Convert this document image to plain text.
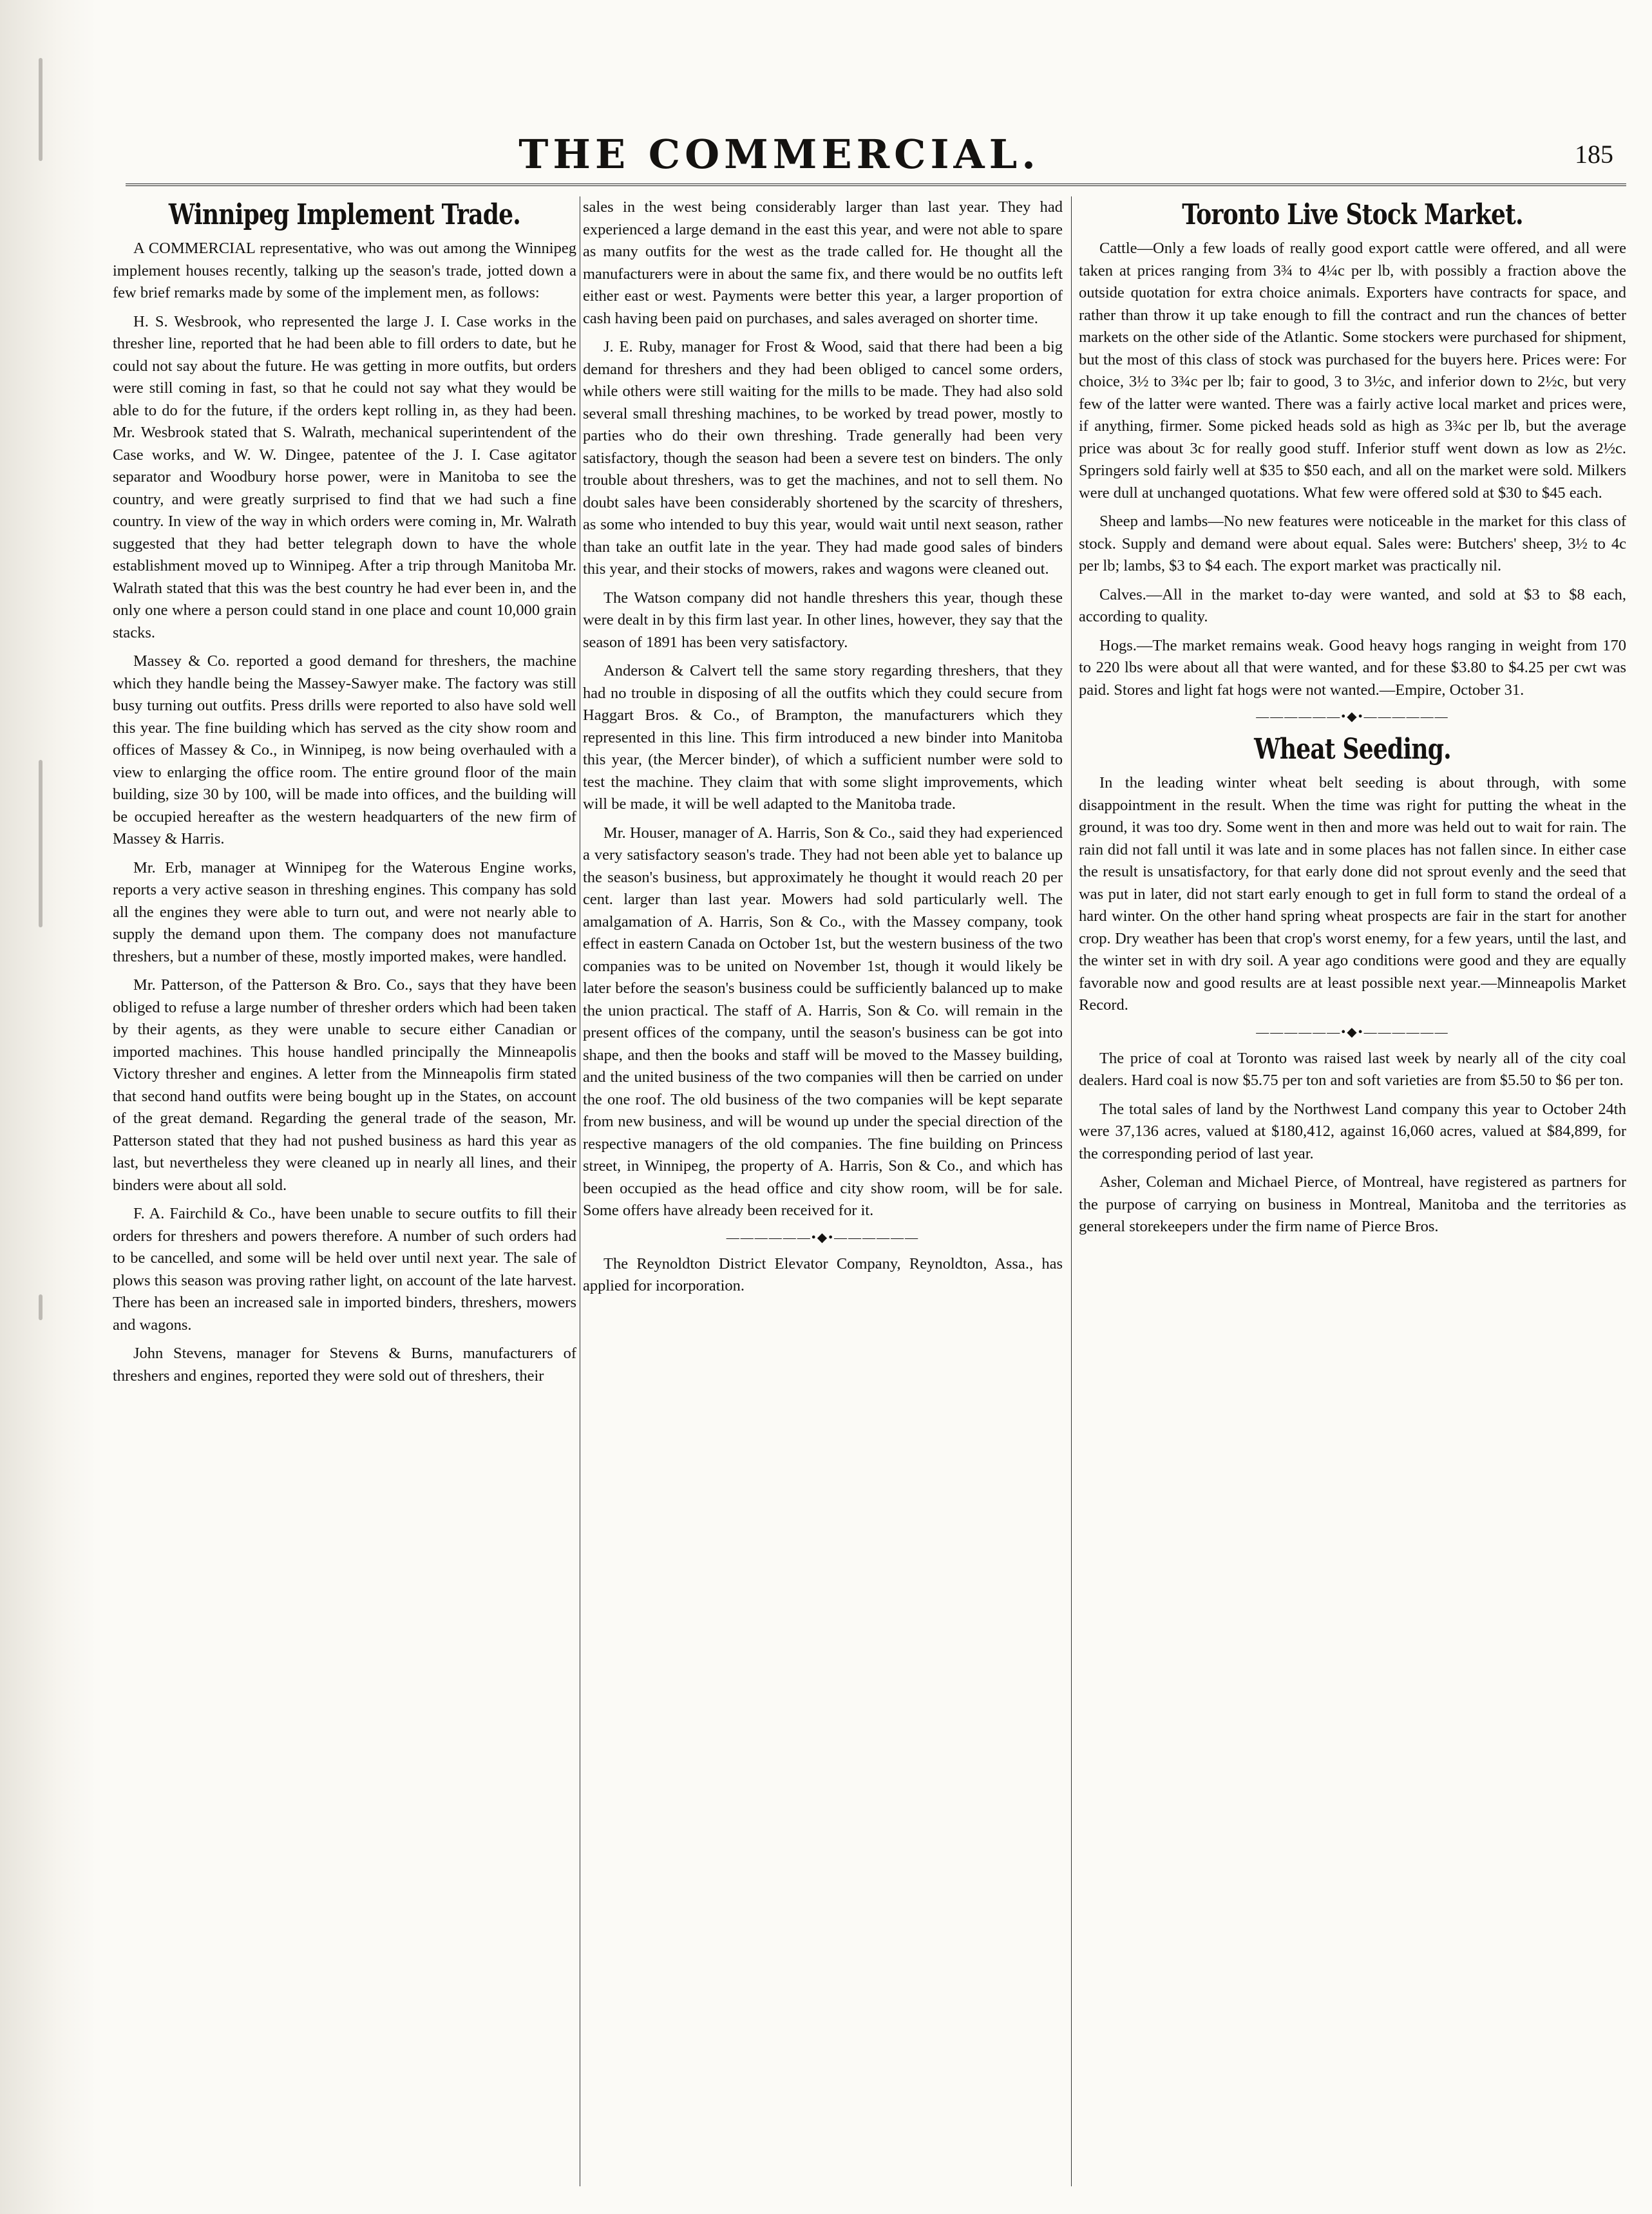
THE COMMERCIAL.	185
Winnipeg Implement Trade.

A COMMERCIAL representative, who was out among the Winnipeg implement houses recently, talking up the season's trade, jotted down a few brief remarks made by some of the implement men, as follows:

H. S. Wesbrook, who represented the large J. I. Case works in the thresher line, reported that he had been able to fill orders to date, but he could not say about the future. He was getting in more outfits, but orders were still coming in fast, so that he could not say what they would be able to do for the future, if the orders kept rolling in, as they had been. Mr. Wesbrook stated that S. Walrath, mechanical superintendent of the Case works, and W. W. Dingee, patentee of the J. I. Case agitator separator and Woodbury horse power, were in Manitoba to see the country, and were greatly surprised to find that we had such a fine country. In view of the way in which orders were coming in, Mr. Walrath suggested that they had better telegraph down to have the whole establishment moved up to Winnipeg. After a trip through Manitoba Mr. Walrath stated that this was the best country he had ever been in, and the only one where a person could stand in one place and count 10,000 grain stacks.

Massey & Co. reported a good demand for threshers, the machine which they handle being the Massey-Sawyer make. The factory was still busy turning out outfits. Press drills were reported to also have sold well this year. The fine building which has served as the city show room and offices of Massey & Co., in Winnipeg, is now being overhauled with a view to enlarging the office room. The entire ground floor of the main building, size 30 by 100, will be made into offices, and the building will be occupied hereafter as the western headquarters of the new firm of Massey & Harris.

Mr. Erb, manager at Winnipeg for the Waterous Engine works, reports a very active season in threshing engines. This company has sold all the engines they were able to turn out, and were not nearly able to supply the demand upon them. The company does not manufacture threshers, but a number of these, mostly imported makes, were handled.

Mr. Patterson, of the Patterson & Bro. Co., says that they have been obliged to refuse a large number of thresher orders which had been taken by their agents, as they were unable to secure either Canadian or imported machines. This house handled principally the Minneapolis Victory thresher and engines. A letter from the Minneapolis firm stated that second hand outfits were being bought up in the States, on account of the great demand. Regarding the general trade of the season, Mr. Patterson stated that they had not pushed business as hard this year as last, but nevertheless they were cleaned up in nearly all lines, and their binders were about all sold.

F. A. Fairchild & Co., have been unable to secure outfits to fill their orders for threshers and powers therefore. A number of such orders had to be cancelled, and some will be held over until next year. The sale of plows this season was proving rather light, on account of the late harvest. There has been an increased sale in imported binders, threshers, mowers and wagons.

John Stevens, manager for Stevens & Burns, manufacturers of threshers and engines, reported they were sold out of threshers, their

sales in the west being considerably larger than last year. They had experienced a large demand in the east this year, and were not able to spare as many outfits for the west as the trade called for. He thought all the manufacturers were in about the same fix, and there would be no outfits left either east or west. Payments were better this year, a larger proportion of cash having been paid on purchases, and sales averaged on shorter time.

J. E. Ruby, manager for Frost & Wood, said that there had been a big demand for threshers and they had been obliged to cancel some orders, while others were still waiting for the mills to be made. They had also sold several small threshing machines, to be worked by tread power, mostly to parties who do their own threshing. Trade generally had been very satisfactory, though the season had been a severe test on binders. The only trouble about threshers, was to get the machines, and not to sell them. No doubt sales have been considerably shortened by the scarcity of threshers, as some who intended to buy this year, would wait until next season, rather than take an outfit late in the year. They had made good sales of binders this year, and their stocks of mowers, rakes and wagons were cleaned out.

The Watson company did not handle threshers this year, though these were dealt in by this firm last year. In other lines, however, they say that the season of 1891 has been very satisfactory.

Anderson & Calvert tell the same story regarding threshers, that they had no trouble in disposing of all the outfits which they could secure from Haggart Bros. & Co., of Brampton, the manufacturers which they represented in this line. This firm introduced a new binder into Manitoba this year, (the Mercer binder), of which a sufficient number were sold to test the machine. They claim that with some slight improvements, which will be made, it will be well adapted to the Manitoba trade.

Mr. Houser, manager of A. Harris, Son & Co., said they had experienced a very satisfactory season's trade. They had not been able yet to balance up the season's business, but approximately he thought it would reach 20 per cent. larger than last year. Mowers had sold particularly well. The amalgamation of A. Harris, Son & Co., with the Massey company, took effect in eastern Canada on October 1st, but the western business of the two companies was to be united on November 1st, though it would likely be later before the season's business could be sufficiently balanced up to make the union practical. The staff of A. Harris, Son & Co. will remain in the present offices of the company, until the season's business can be got into shape, and then the books and staff will be moved to the Massey building, and the united business of the two companies will then be carried on under the one roof. The old business of the two companies will be kept separate from new business, and will be wound up under the special direction of the respective managers of the old companies. The fine building on Princess street, in Winnipeg, the property of A. Harris, Son & Co., and which has been occupied as the head office and city show room, will be for sale. Some offers have already been received for it.

——————•◆•——————

The Reynoldton District Elevator Company, Reynoldton, Assa., has applied for incorporation.

Toronto Live Stock Market.

Cattle—Only a few loads of really good export cattle were offered, and all were taken at prices ranging from 3¾ to 4¼c per lb, with possibly a fraction above the outside quotation for extra choice animals. Exporters have contracts for space, and rather than throw it up take enough to fill the contract and run the chances of better markets on the other side of the Atlantic. Some stockers were purchased for shipment, but the most of this class of stock was purchased for the buyers here. Prices were: For choice, 3½ to 3¾c per lb; fair to good, 3 to 3½c, and inferior down to 2½c, but very few of the latter were wanted. There was a fairly active local market and prices were, if anything, firmer. Some picked heads sold as high as 3¾c per lb, but the average price was about 3c for really good stuff. Inferior stuff went down as low as 2½c. Springers sold fairly well at $35 to $50 each, and all on the market were sold. Milkers were dull at unchanged quotations. What few were offered sold at $30 to $45 each.

Sheep and lambs—No new features were noticeable in the market for this class of stock. Supply and demand were about equal. Sales were: Butchers' sheep, 3½ to 4c per lb; lambs, $3 to $4 each. The export market was practically nil.

Calves.—All in the market to-day were wanted, and sold at $3 to $8 each, according to quality.

Hogs.—The market remains weak. Good heavy hogs ranging in weight from 170 to 220 lbs were about all that were wanted, and for these $3.80 to $4.25 per cwt was paid. Stores and light fat hogs were not wanted.—Empire, October 31.

——————•◆•——————
Wheat Seeding.

In the leading winter wheat belt seeding is about through, with some disappointment in the result. When the time was right for putting the wheat in the ground, it was too dry. Some went in then and more was held out to wait for rain. The rain did not fall until it was late and in some places has not fallen since. In either case the result is unsatisfactory, for that early done did not sprout evenly and the seed that was put in later, did not start early enough to get in full form to stand the ordeal of a hard winter. On the other hand spring wheat prospects are fair in the start for another crop. Dry weather has been that crop's worst enemy, for a few years, until the last, and the winter set in with dry soil. A year ago conditions were good and they are equally favorable now and good results are at least possible next year.—Minneapolis Market Record.

——————•◆•——————

The price of coal at Toronto was raised last week by nearly all of the city coal dealers. Hard coal is now $5.75 per ton and soft varieties are from $5.50 to $6 per ton.

The total sales of land by the Northwest Land company this year to October 24th were 37,136 acres, valued at $180,412, against 16,060 acres, valued at $84,899, for the corresponding period of last year.

Asher, Coleman and Michael Pierce, of Montreal, have registered as partners for the purpose of carrying on business in Montreal, Manitoba and the territories as general storekeepers under the firm name of Pierce Bros.
